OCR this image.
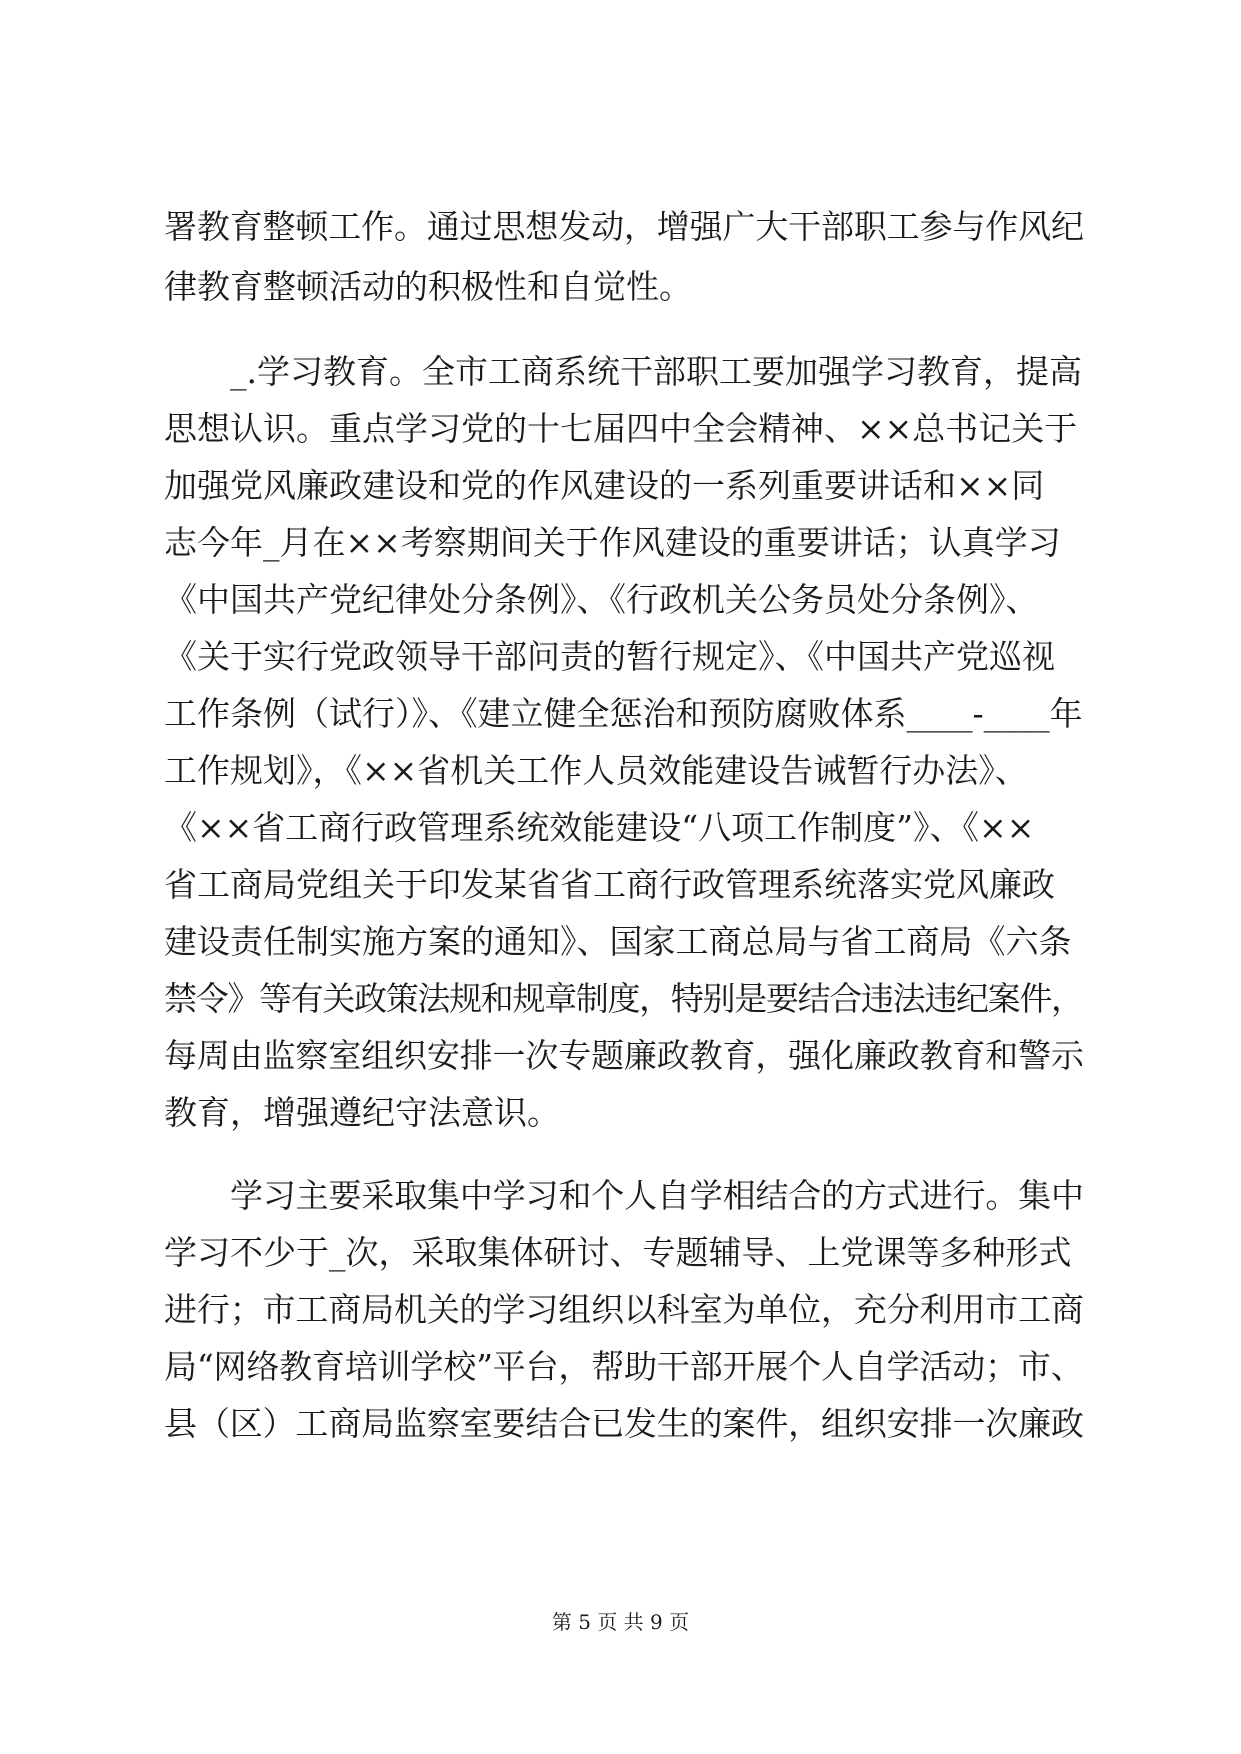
署教育整顿工作。通过思想发动，增强广大干部职工参与作风纪
律教育整顿活动的积极性和自觉性。
_.学习教育。全市工商系统干部职工要加强学习教育，提高
思想认识。重点学习党的十七届四中全会精神、××总书记关于
加强党风廉政建设和党的作风建设的一系列重要讲话和××同
志今年_月在××考察期间关于作风建设的重要讲话；认真学习
《中国共产党纪律处分条例》、《行政机关公务员处分条例》、
《关于实行党政领导干部问责的暂行规定》、《中国共产党巡视
工作条例（试行）》、《建立健全惩治和预防腐败体系____-____年
工作规划》，《××省机关工作人员效能建设告诫暂行办法》、
《××省工商行政管理系统效能建设“八项工作制度”》、《××
省工商局党组关于印发某省省工商行政管理系统落实党风廉政
建设责任制实施方案的通知》、国家工商总局与省工商局《六条
禁令》等有关政策法规和规章制度，特别是要结合违法违纪案件，
每周由监察室组织安排一次专题廉政教育，强化廉政教育和警示
教育，增强遵纪守法意识。
学习主要采取集中学习和个人自学相结合的方式进行。集中
学习不少于_次，采取集体研讨、专题辅导、上党课等多种形式
进行；市工商局机关的学习组织以科室为单位，充分利用市工商
局“网络教育培训学校”平台，帮助干部开展个人自学活动；市、
县（区）工商局监察室要结合已发生的案件，组织安排一次廉政
第 5 页 共 9 页
